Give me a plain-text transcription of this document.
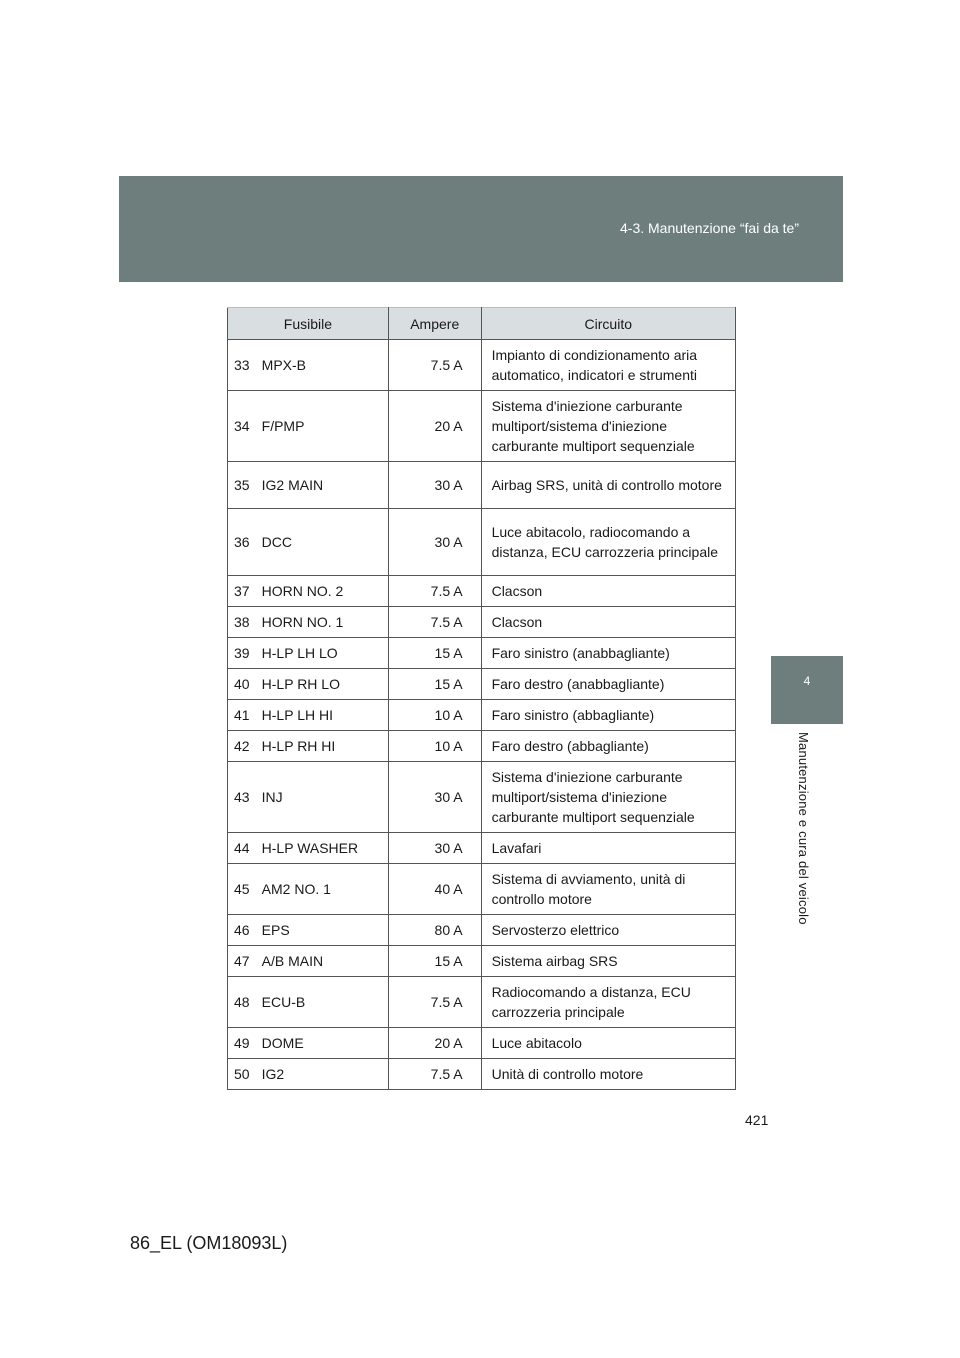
4-3. Manutenzione “fai da te”
4
Manutenzione e cura del veicolo
Fusibile		Ampere	Circuito
33	MPX-B	7.5 A	Impianto di condizionamento aria automatico, indicatori e strumenti
34	F/PMP	20 A	Sistema d'iniezione carburante multiport/sistema d'iniezione carburante multiport sequenziale
35	IG2 MAIN	30 A	Airbag SRS, unità di controllo motore
36	DCC	30 A	Luce abitacolo, radiocomando a distanza, ECU carrozzeria principale
37	HORN NO. 2	7.5 A	Clacson
38	HORN NO. 1	7.5 A	Clacson
39	H-LP LH LO	15 A	Faro sinistro (anabbagliante)
40	H-LP RH LO	15 A	Faro destro (anabbagliante)
41	H-LP LH HI	10 A	Faro sinistro (abbagliante)
42	H-LP RH HI	10 A	Faro destro (abbagliante)
43	INJ	30 A	Sistema d'iniezione carburante multiport/sistema d'iniezione carburante multiport sequenziale
44	H-LP WASHER	30 A	Lavafari
45	AM2 NO. 1	40 A	Sistema di avviamento, unità di controllo motore
46	EPS	80 A	Servosterzo elettrico
47	A/B MAIN	15 A	Sistema airbag SRS
48	ECU-B	7.5 A	Radiocomando a distanza, ECU carrozzeria principale
49	DOME	20 A	Luce abitacolo
50	IG2	7.5 A	Unità di controllo motore
421
86_EL (OM18093L)
